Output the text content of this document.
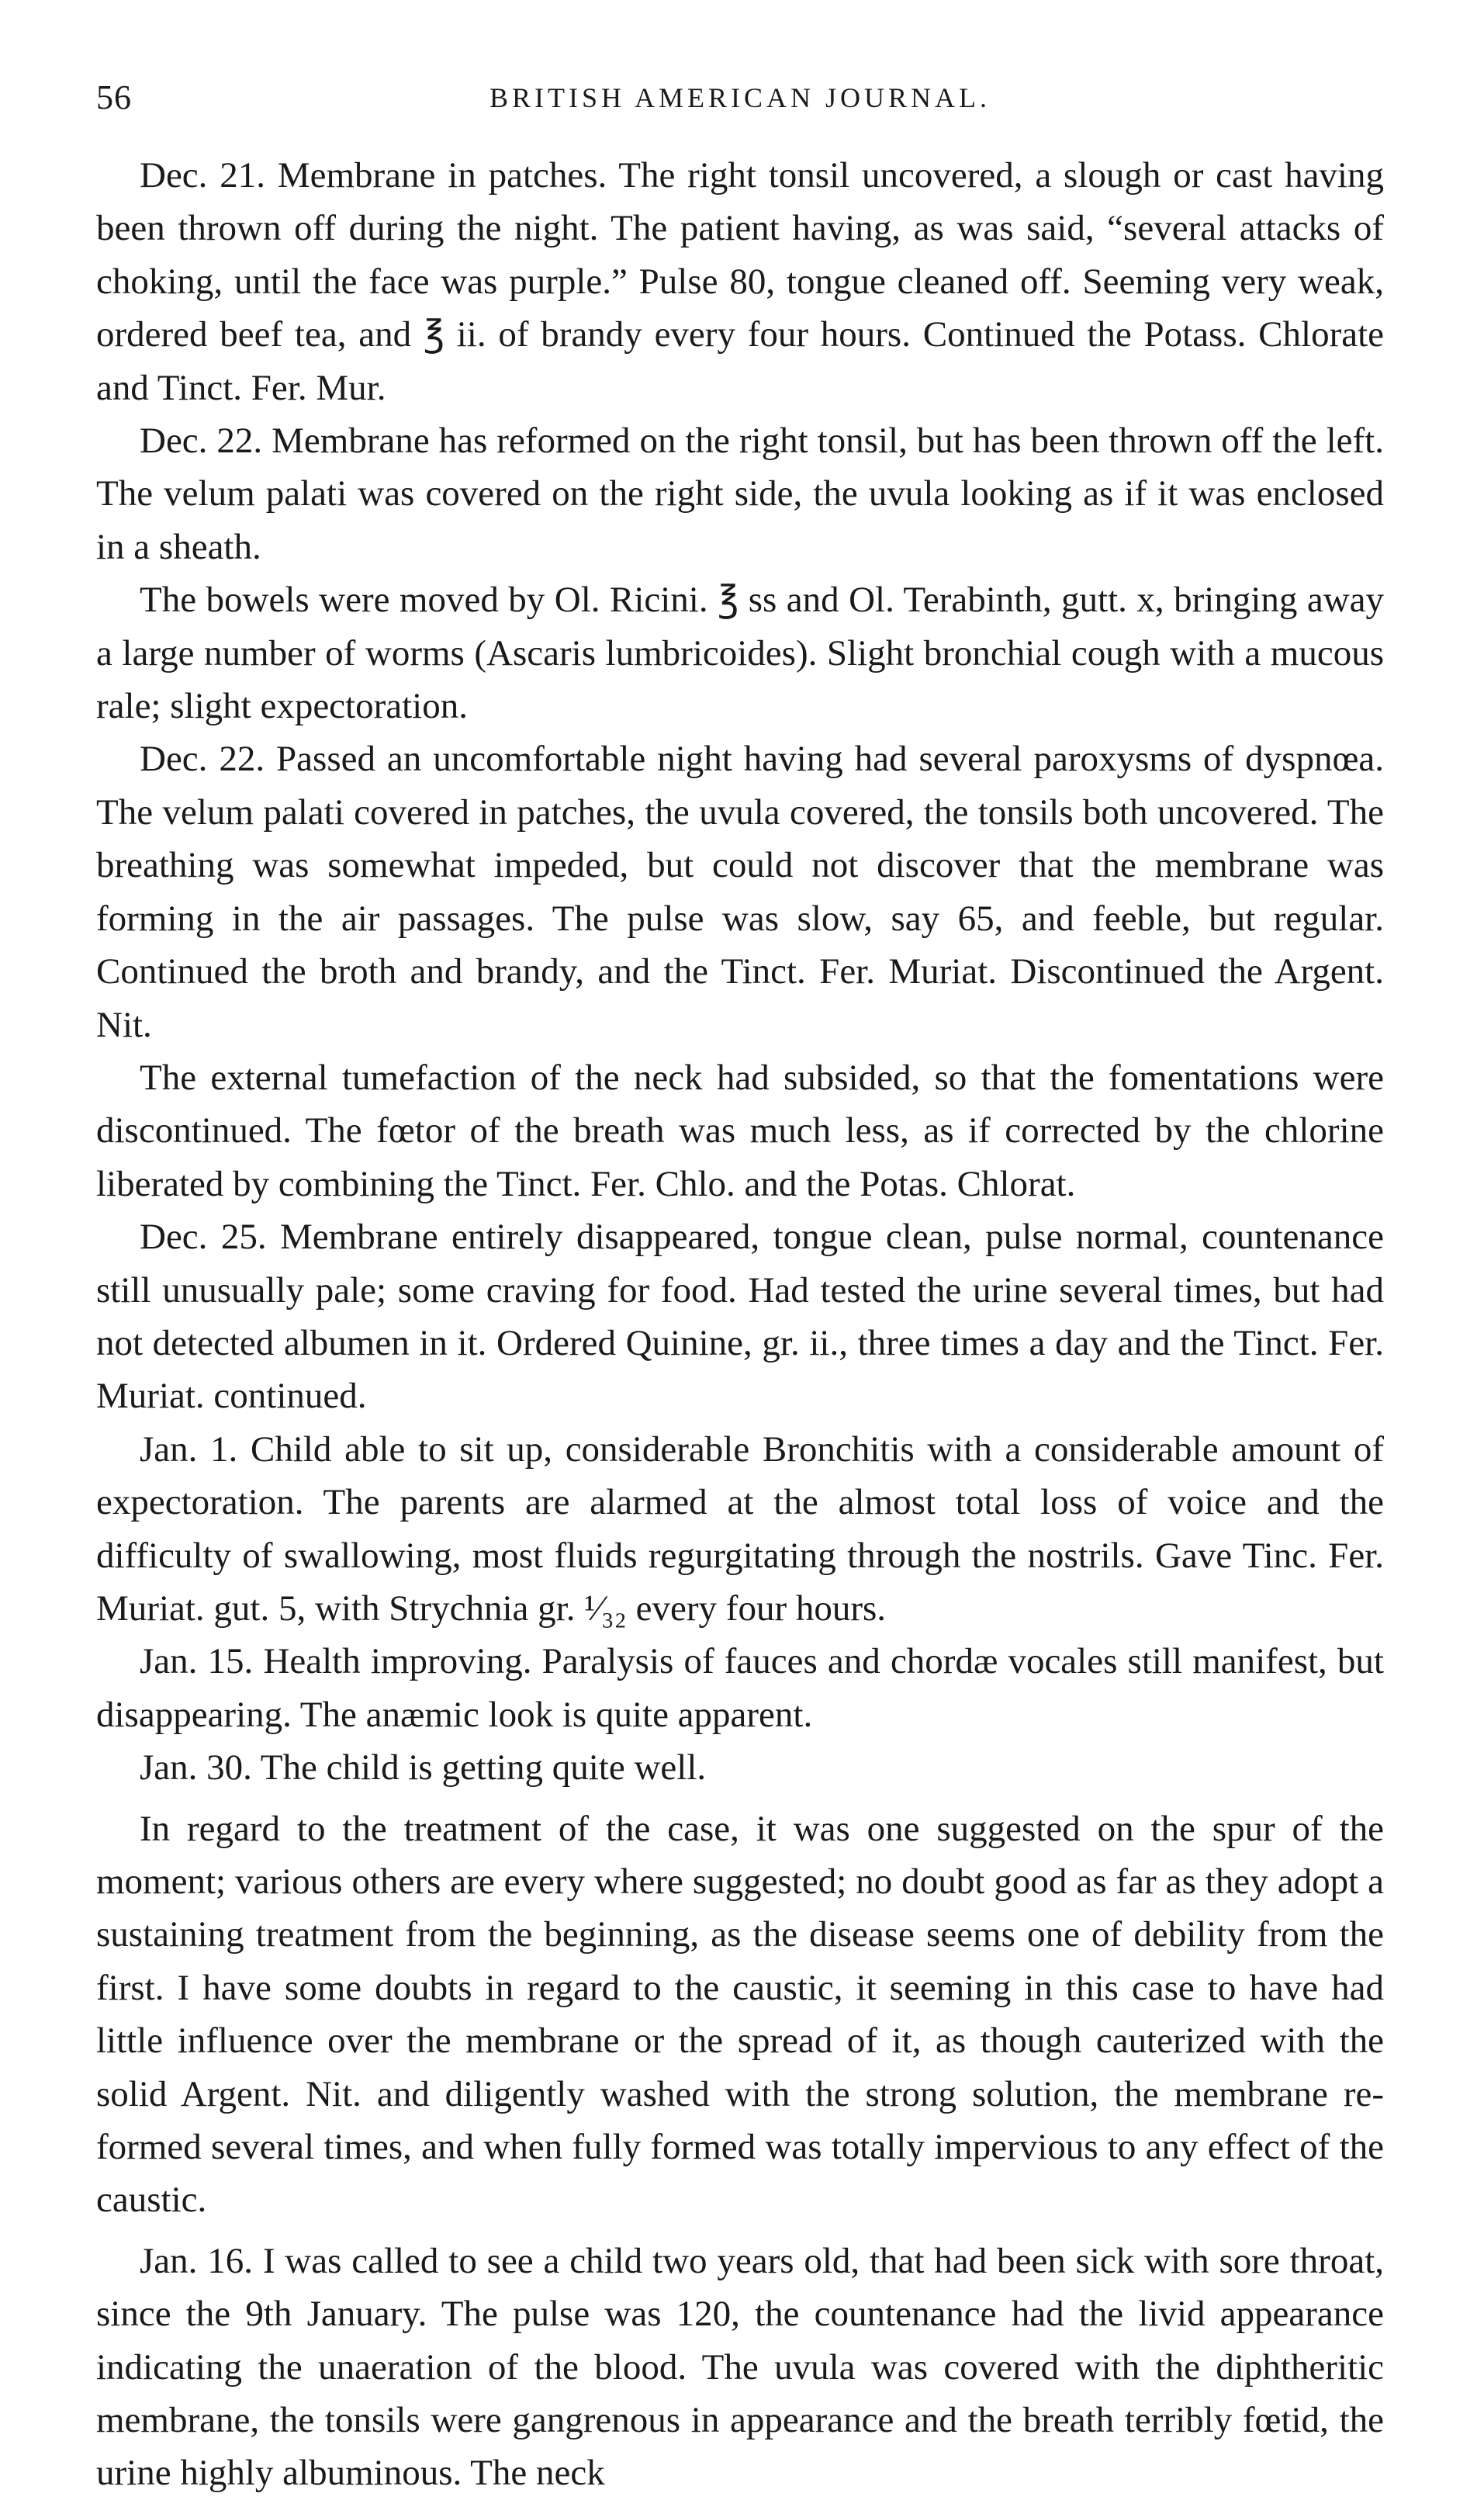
56	BRITISH AMERICAN JOURNAL.

Dec. 21. Membrane in patches. The right tonsil uncovered, a slough or cast having been thrown off during the night. The patient having, as was said, “several attacks of choking, until the face was purple.” Pulse 80, tongue cleaned off. Seeming very weak, ordered beef tea, and ℥ ii. of brandy every four hours. Continued the Potass. Chlorate and Tinct. Fer. Mur.

Dec. 22. Membrane has reformed on the right tonsil, but has been thrown off the left. The velum palati was covered on the right side, the uvula looking as if it was enclosed in a sheath.

The bowels were moved by Ol. Ricini. ℥ ss and Ol. Terabinth, gutt. x, bringing away a large number of worms (Ascaris lumbricoides). Slight bronchial cough with a mucous rale; slight expectoration.

Dec. 22. Passed an uncomfortable night having had several paroxysms of dyspnœa. The velum palati covered in patches, the uvula covered, the tonsils both uncovered. The breathing was somewhat impeded, but could not discover that the membrane was forming in the air passages. The pulse was slow, say 65, and feeble, but regular. Continued the broth and brandy, and the Tinct. Fer. Muriat. Discontinued the Argent. Nit.

The external tumefaction of the neck had subsided, so that the fomentations were discontinued. The fœtor of the breath was much less, as if corrected by the chlorine liberated by combining the Tinct. Fer. Chlo. and the Potas. Chlorat.

Dec. 25. Membrane entirely disappeared, tongue clean, pulse normal, countenance still unusually pale; some craving for food. Had tested the urine several times, but had not detected albumen in it. Ordered Quinine, gr. ii., three times a day and the Tinct. Fer. Muriat. continued.

Jan. 1. Child able to sit up, considerable Bronchitis with a considerable amount of expectoration. The parents are alarmed at the almost total loss of voice and the difficulty of swallowing, most fluids regurgitating through the nostrils. Gave Tinc. Fer. Muriat. gut. 5, with Strychnia gr. ¹⁄₃₂ every four hours.

Jan. 15. Health improving. Paralysis of fauces and chordæ vocales still manifest, but disappearing. The anæmic look is quite apparent.

Jan. 30. The child is getting quite well.

In regard to the treatment of the case, it was one suggested on the spur of the moment; various others are every where suggested; no doubt good as far as they adopt a sustaining treatment from the beginning, as the disease seems one of debility from the first. I have some doubts in regard to the caustic, it seeming in this case to have had little influence over the membrane or the spread of it, as though cauterized with the solid Argent. Nit. and diligently washed with the strong solution, the membrane re-formed several times, and when fully formed was totally impervious to any effect of the caustic.

Jan. 16. I was called to see a child two years old, that had been sick with sore throat, since the 9th January. The pulse was 120, the countenance had the livid appearance indicating the unaeration of the blood. The uvula was covered with the diphtheritic membrane, the tonsils were gangrenous in appearance and the breath terribly fœtid, the urine highly albuminous. The neck
